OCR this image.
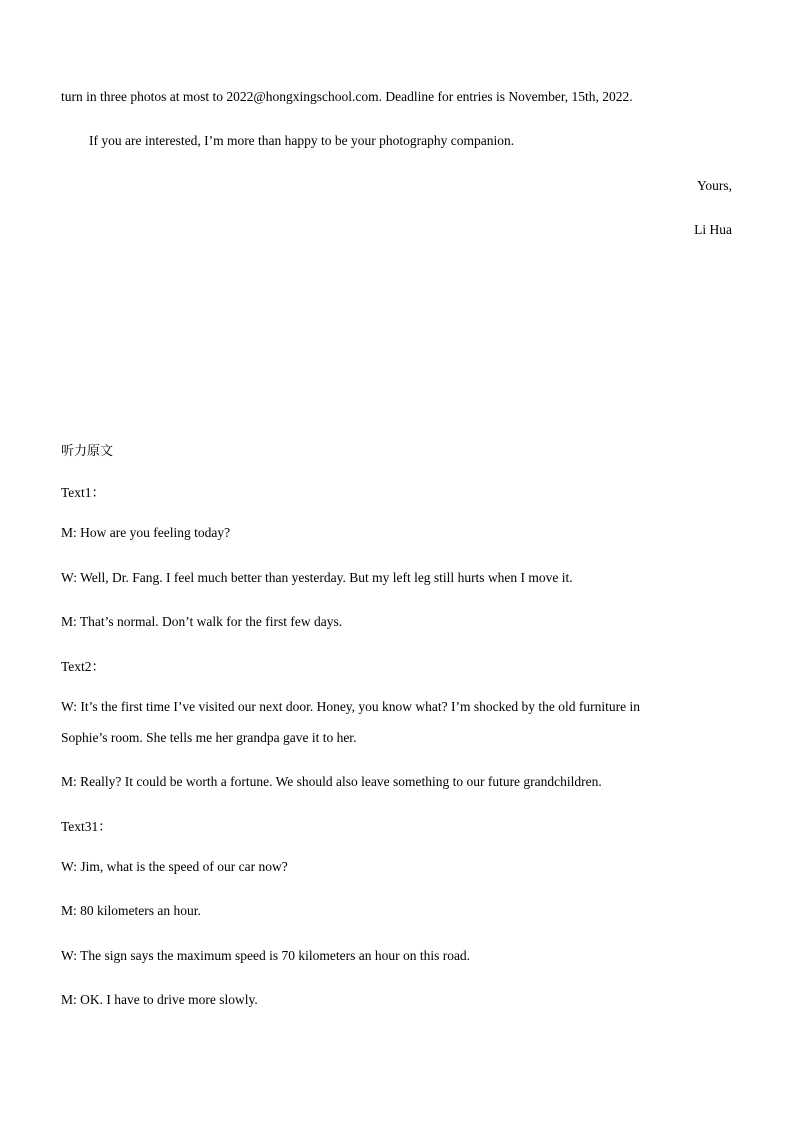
turn in three photos at most to 2022@hongxingschool.com. Deadline for entries is November, 15th, 2022.
If you are interested, I’m more than happy to be your photography companion.
Yours,
Li Hua
听力原文
Text1：
M: How are you feeling today?
W: Well, Dr. Fang. I feel much better than yesterday. But my left leg still hurts when I move it.
M: That’s normal. Don’t walk for the first few days.
Text2：
W: It’s the first time I’ve visited our next door. Honey, you know what? I’m shocked by the old furniture in
Sophie’s room. She tells me her grandpa gave it to her.
M: Really? It could be worth a fortune. We should also leave something to our future grandchildren.
Text31：
W: Jim, what is the speed of our car now?
M: 80 kilometers an hour.
W: The sign says the maximum speed is 70 kilometers an hour on this road.
M: OK. I have to drive more slowly.
